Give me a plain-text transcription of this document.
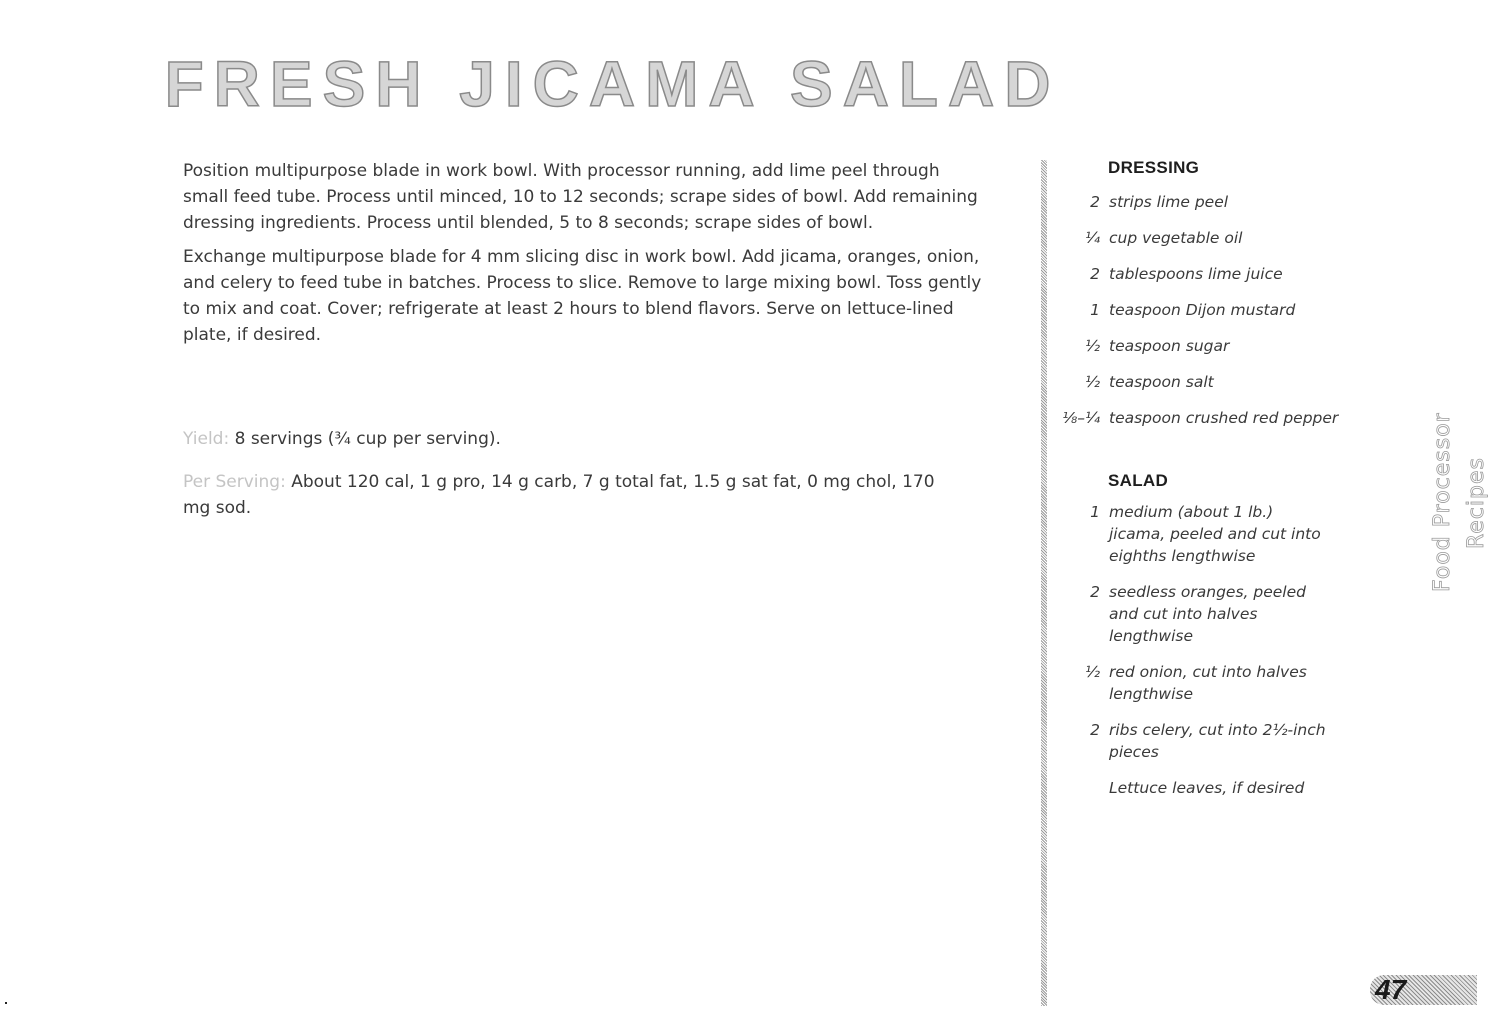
FRESH JICAMA SALAD

Position multipurpose blade in work bowl. With processor running, add lime peel through small feed tube. Process until minced, 10 to 12 seconds; scrape sides of bowl. Add remaining dressing ingredients. Process until blended, 5 to 8 seconds; scrape sides of bowl.

Exchange multipurpose blade for 4 mm slicing disc in work bowl. Add jicama, oranges, onion, and celery to feed tube in batches. Process to slice. Remove to large mixing bowl. Toss gently to mix and coat. Cover; refrigerate at least 2 hours to blend flavors. Serve on lettuce-lined plate, if desired.

Yield: 8 servings (¾ cup per serving).

Per Serving: About 120 cal, 1 g pro, 14 g carb, 7 g total fat, 1.5 g sat fat, 0 mg chol, 170 mg sod.

DRESSING
2 strips lime peel
¼ cup vegetable oil
2 tablespoons lime juice
1 teaspoon Dijon mustard
½ teaspoon sugar
½ teaspoon salt
⅛–¼ teaspoon crushed red pepper
SALAD
1 medium (about 1 lb.) jicama, peeled and cut into eighths lengthwise
2 seedless oranges, peeled and cut into halves lengthwise
½ red onion, cut into halves lengthwise
2 ribs celery, cut into 2½-inch pieces
Lettuce leaves, if desired
Food Processor Recipes
47
